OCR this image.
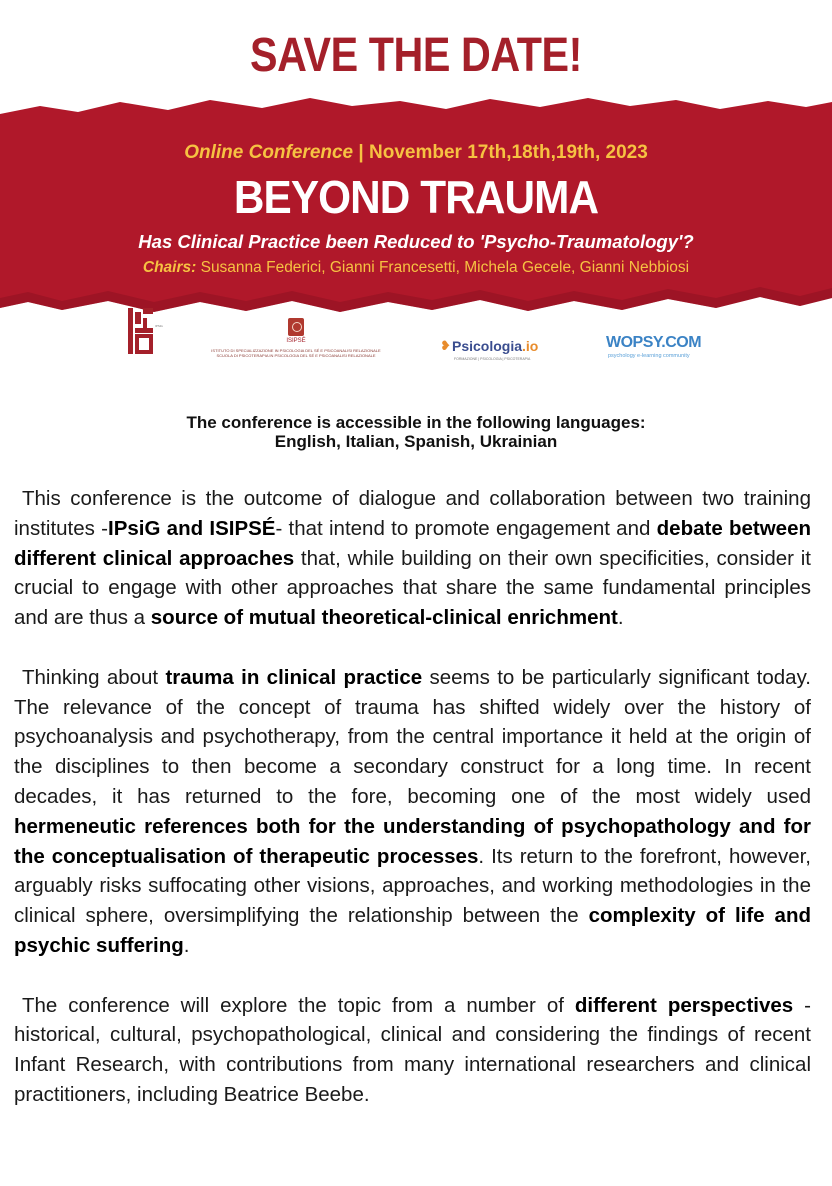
SAVE THE DATE!
Online Conference | November 17th,18th,19th, 2023
BEYOND TRAUMA
Has Clinical Practice been Reduced to 'Psycho-Traumatology'?
Chairs: Susanna Federici, Gianni Francesetti, Michela Gecele, Gianni Nebbiosi
IPSiG
ISIPSÉ
ISTITUTO DI SPECIALIZZAZIONE IN PSICOLOGIA DEL SÉ E PSICOANALISI RELAZIONALE
SCUOLA DI PSICOTERAPIA IN PSICOLOGIA DEL SÉ E PSICOANALISI RELAZIONALE
❥ Psicologia.io
FORMAZIONE | PSICOLOGIA | PSICOTERAPIA
WOPSY.COM
psychology e-learning community
The conference is accessible in the following languages:
English, Italian, Spanish, Ukrainian

This conference is the outcome of dialogue and collaboration between two training institutes -IPsiG and ISIPSÉ- that intend to promote engagement and debate between different clinical approaches that, while building on their own specificities, consider it crucial to engage with other approaches that share the same fundamental principles and are thus a source of mutual theoretical-clinical enrichment.

Thinking about trauma in clinical practice seems to be particularly significant today. The relevance of the concept of trauma has shifted widely over the history of psychoanalysis and psychotherapy, from the central importance it held at the origin of the disciplines to then become a secondary construct for a long time. In recent decades, it has returned to the fore, becoming one of the most widely used hermeneutic references both for the understanding of psychopathology and for the conceptualisation of therapeutic processes. Its return to the forefront, however, arguably risks suffocating other visions, approaches, and working methodologies in the clinical sphere, oversimplifying the relationship between the complexity of life and psychic suffering.

The conference will explore the topic from a number of different perspectives -historical, cultural, psychopathological, clinical and considering the findings of recent Infant Research, with contributions from many international researchers and clinical practitioners, including Beatrice Beebe.
